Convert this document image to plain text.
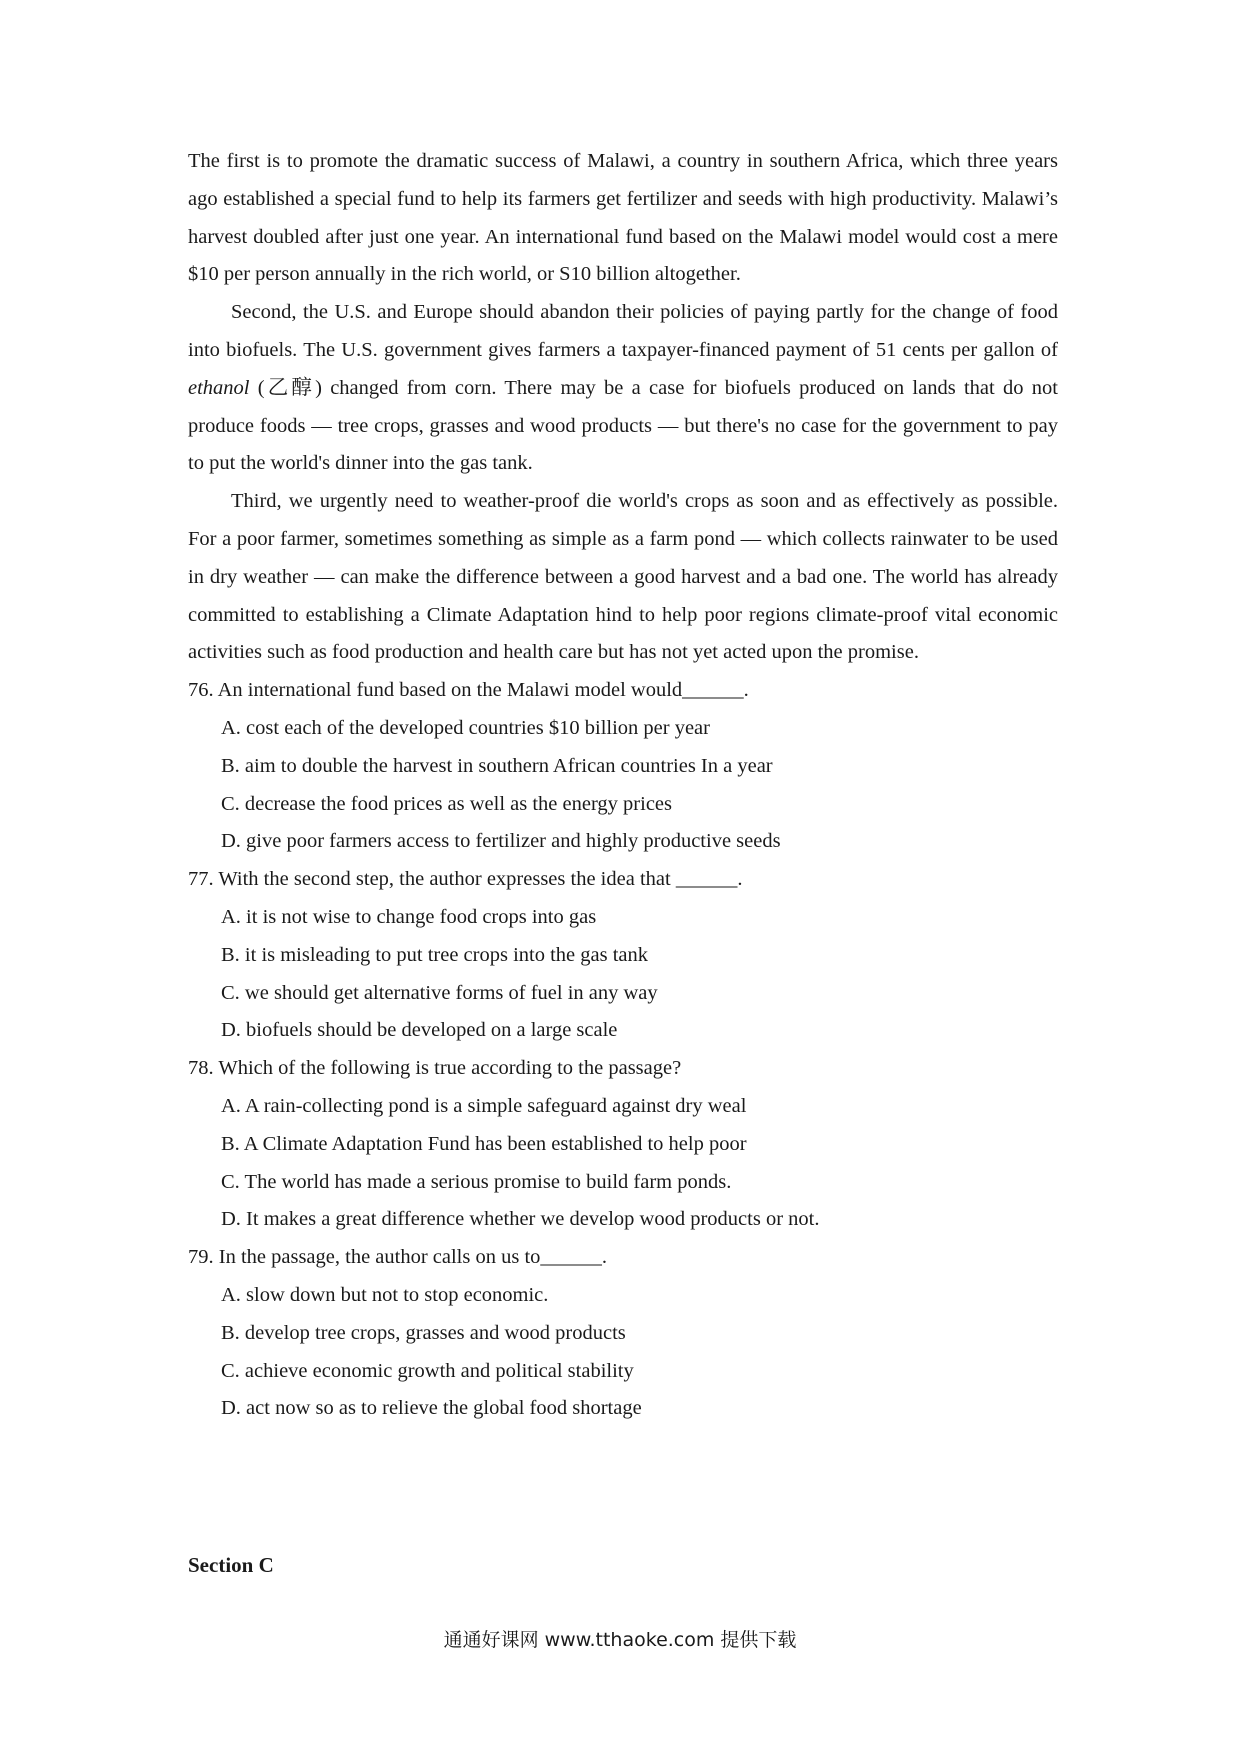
The first is to promote the dramatic success of Malawi, a country in southern Africa, which three years ago established a special fund to help its farmers get fertilizer and seeds with high productivity. Malawi’s harvest doubled after just one year. An international fund based on the Malawi model would cost a mere $10 per person annually in the rich world, or S10 billion altogether.

Second, the U.S. and Europe should abandon their policies of paying partly for the change of food into biofuels. The U.S. government gives farmers a taxpayer-financed payment of 51 cents per gallon of ethanol (乙醇) changed from corn. There may be a case for biofuels produced on lands that do not produce foods — tree crops, grasses and wood products — but there's no case for the government to pay to put the world's dinner into the gas tank.

Third, we urgently need to weather-proof die world's crops as soon and as effectively as possible. For a poor farmer, sometimes something as simple as a farm pond — which collects rainwater to be used in dry weather — can make the difference between a good harvest and a bad one. The world has already committed to establishing a Climate Adaptation hind to help poor regions climate-proof vital economic activities such as food production and health care but has not yet acted upon the promise.

76. An international fund based on the Malawi model would______.

A. cost each of the developed countries $10 billion per year

B. aim to double the harvest in southern African countries In a year

C. decrease the food prices as well as the energy prices

D. give poor farmers access to fertilizer and highly productive seeds

77. With the second step, the author expresses the idea that ______.

A. it is not wise to change food crops into gas

B. it is misleading to put tree crops into the gas tank

C. we should get alternative forms of fuel in any way

D. biofuels should be developed on a large scale

78. Which of the following is true according to the passage?

A. A rain-collecting pond is a simple safeguard against dry weal

B. A Climate Adaptation Fund has been established to help poor

C. The world has made a serious promise to build farm ponds.

D. It makes a great difference whether we develop wood products or not.

79. In the passage, the author calls on us to______.

A. slow down but not to stop economic.

B. develop tree crops, grasses and wood products

C. achieve economic growth and political stability

D. act now so as to relieve the global food shortage

Section C
通通好课网 www.tthaoke.com 提供下载
